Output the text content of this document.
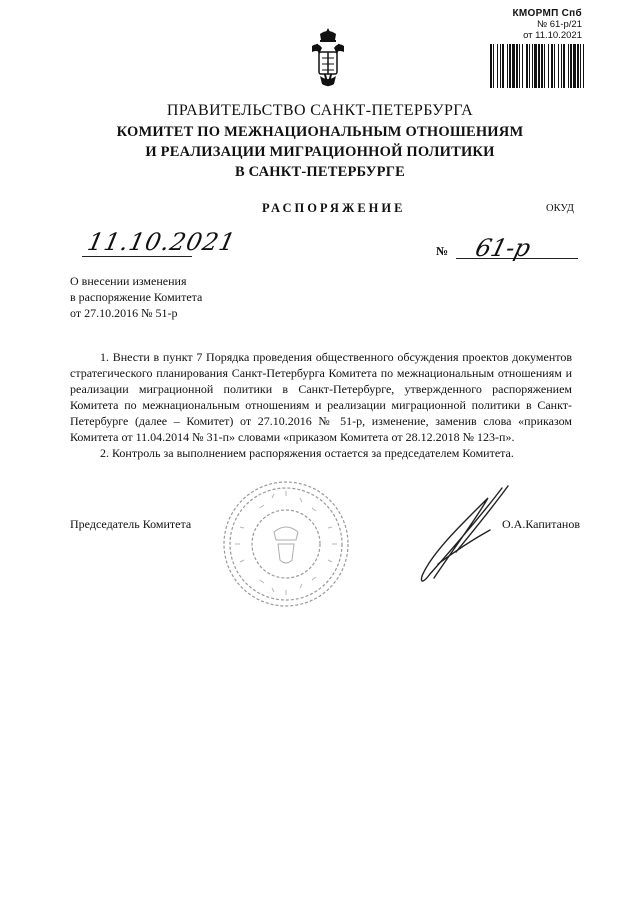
КМОРМП Спб
№ 61-р/21
от 11.10.2021
ПРАВИТЕЛЬСТВО САНКТ-ПЕТЕРБУРГА
КОМИТЕТ ПО МЕЖНАЦИОНАЛЬНЫМ ОТНОШЕНИЯМ
И РЕАЛИЗАЦИИ МИГРАЦИОННОЙ ПОЛИТИКИ
В САНКТ-ПЕТЕРБУРГЕ
РАСПОРЯЖЕНИЕ	ОКУД
11.10.2021	№ 61-р
О внесении изменения
в распоряжение Комитета
от 27.10.2016 № 51-р

1. Внести в пункт 7 Порядка проведения общественного обсуждения проектов документов стратегического планирования Санкт-Петербурга Комитета по межнациональным отношениям и реализации миграционной политики в Санкт-Петербурге, утвержденного распоряжением Комитета по межнациональным отношениям и реализации миграционной политики в Санкт-Петербурге (далее – Комитет) от 27.10.2016 № 51-р, изменение, заменив слова «приказом Комитета от 11.04.2014 № 31-п» словами «приказом Комитета от 28.12.2018 № 123-п».

2. Контроль за выполнением распоряжения остается за председателем Комитета.

Председатель Комитета	О.А.Капитанов
